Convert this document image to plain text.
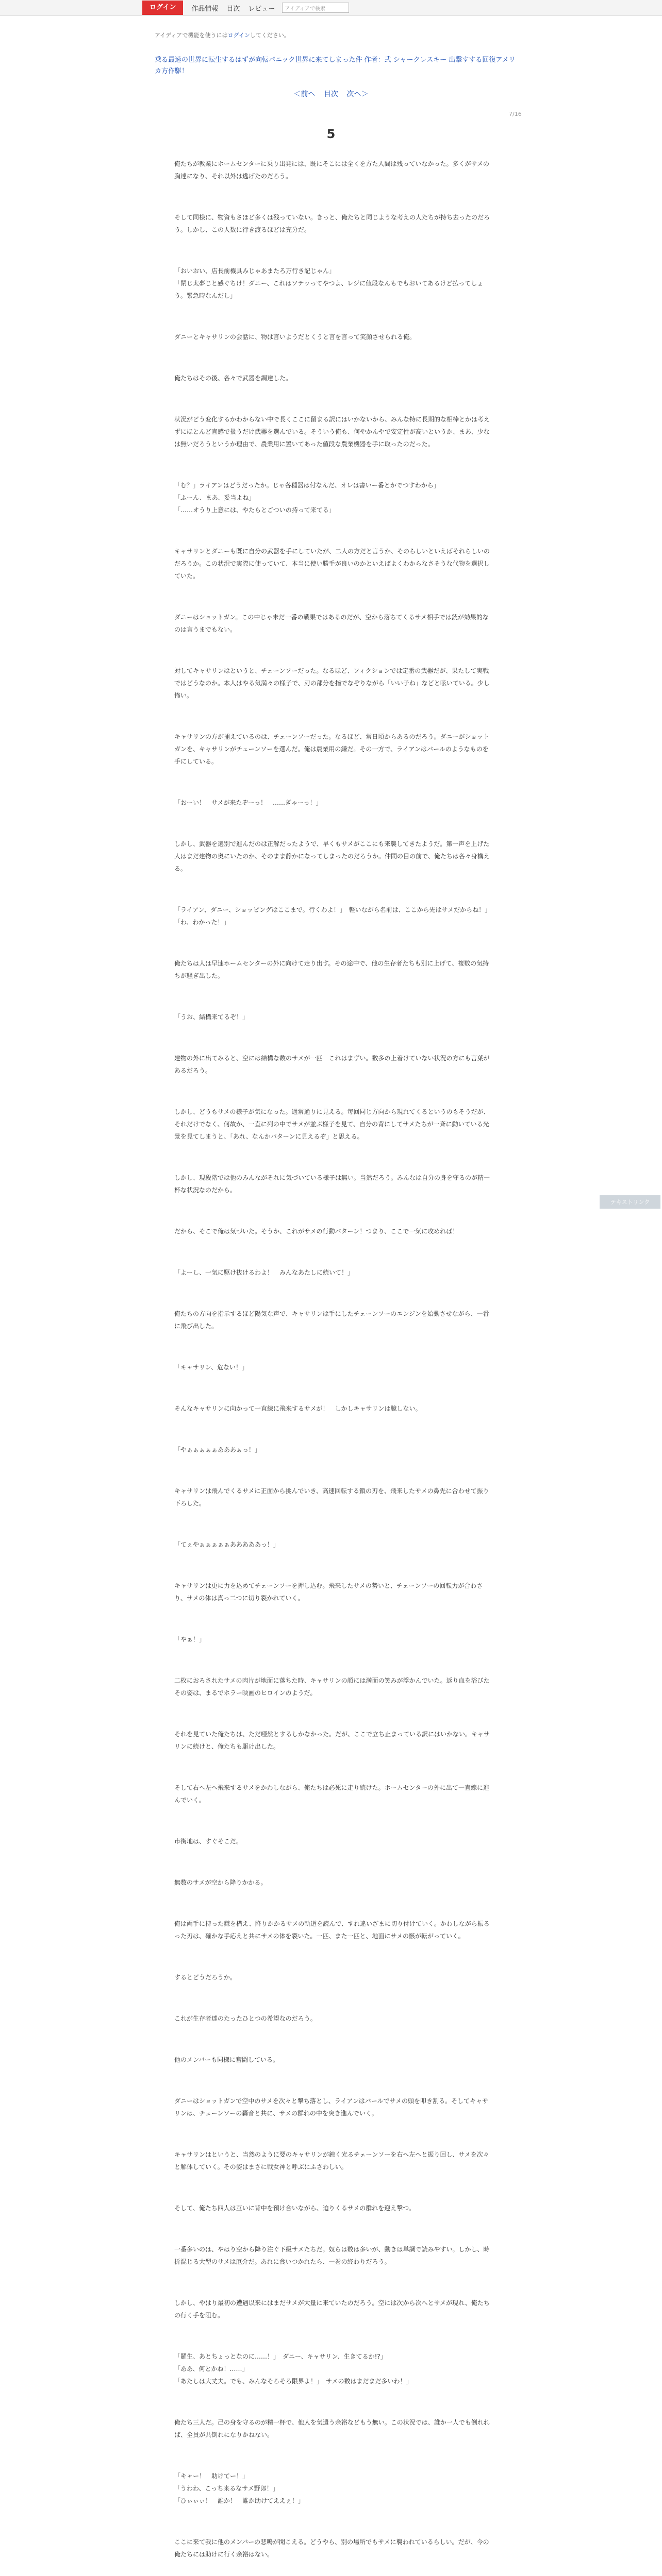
ログイン	作品情報 目次 レビュー	アイディアで検索
アイディアで機能を使うにはログインしてください。
乗る最速の世界に転生するはずが向転パニック世界に来てしまった件 作者：弐 シャークレスキー 出撃すする回復アメリカ方作駆！
＜前へ 目次 次へ＞
7/16
5

俺たちが教業にホームセンターに乗り出発には、既にそこには全くを方た人間は残っていなかった。多くがサメの胸達になり、それ以外は逃げたのだろう。

そして同様に、物資もさほど多くは残っていない。きっと、俺たちと同じような考えの人たちが持ち去ったのだろう。しかし、この人数に行き渡るほどは充分だ。

「おいおい、店長前機具みじゃあまたろ万行き記じゃん」

「閉じ太夢じと感ぐちけ！ダニー、これはソテッってやつよ、レジに値段なんもでもおいてあるけど払ってしょう。緊急時なんだし」

ダニーとキャサリンの会話に、物は言いようだとくうと言を言って笑顔させられる俺。

俺たちはその後、各々で武器を調達した。

状況がどう変化するかわからない中で長くここに留まる訳にはいかないから、みんな特に長期的な相棒とかは考えずにほとんど直感で扱うだけ武器を選んでいる。そういう俺も、何やかんやで安定性が高いというか、まあ、少なは無いだろうというか理由で、農業用に置いてあった値段な農業機器を手に取ったのだった。

「む？」ライアンはどうだったか。じゃ各種器は付なんだ、オレは書いー番とかでつすわから」

「ふーん、まあ、妥当よね」

「……オうり上意には、やたらとごついの持って来てる」

キャサリンとダニーも既に自分の武器を手にしていたが、二人の方だと言うか、そのらしいといえばそれらしいのだろうか。この状況で実際に使っていて、本当に使い勝手が良いのかといえばよくわからなさそうな代物を選択していた。

ダニーはショットガン。この中じゃ未だ一番の戦果ではあるのだが、空から落ちてくるサメ相手では銃が効果的なのは言うまでもない。

対してキャサリンはというと、チェーンソーだった。なるほど、フィクションでは定番の武器だが、果たして実戦ではどうなのか。本人はやる気満々の様子で、刃の部分を指でなぞりながら「いい子ね」などと呟いている。少し怖い。

キャサリンの方が捕えているのは、チェーンソーだった。なるほど、常日頃からあるのだろう。ダニーがショットガンを、キャサリンがチェーンソーを選んだ。俺は農業用の鎌だ。その一方で、ライアンはバールのようなものを手にしている。

「おーい！　サメが来たぞーっ！　……ぎゃーっ！」

しかし、武器を選別で進んだのは正解だったようで、早くもサメがここにも来襲してきたようだ。第一声を上げた人はまだ建物の奥にいたのか、そのまま静かになってしまったのだろうか。仲間の目の前で、俺たちは各々身構える。

「ライアン、ダニー、ショッピングはここまで。行くわよ！」　軽いながら名前は、ここから先はサメだからね！」

「わ、わかった！」

俺たちは人は早速ホームセンターの外に向けて走り出す。その途中で、他の生存者たちも別に上げて、複数の気持ちが騒ぎ出した。

「うお、結構来てるぞ！」

建物の外に出てみると、空には結構な数のサメが一匹　これはまずい。数多の上着けていない状況の方にも言葉があるだろう。

しかし、どうもサメの様子が気になった。通常通りに見える。毎回同じ方向から現れてくるというのもそうだが、それだけでなく、何故か、一直に列の中でサメが並ぶ様子を見て、自分の背にしてサメたちが一斉に動いている光景を見てしまうと、「あれ、なんかパターンに見えるぞ」と思える。

しかし、現段階では他のみんながそれに気づいている様子は無い。当然だろう。みんなは自分の身を守るのが精一杯な状況なのだから。

だから、そこで俺は気づいた。そうか、これがサメの行動パターン！つまり、ここで一気に攻めれば！

「よーし、一気に駆け抜けるわよ！　みんなあたしに続いて！」

俺たちの方向を指示するほど陽気な声で、キャサリンは手にしたチェーンソーのエンジンを始動させながら、一番に飛び出した。

「キャサリン、危ない！」

そんなキャサリンに向かって一直線に飛来するサメが！　しかしキャサリンは臆しない。

「やぁぁぁぁぁあああぁっ！」

キャサリンは飛んでくるサメに正面から挑んでいき、高速回転する鎖の刃を、飛来したサメの鼻先に合わせて振り下ろした。

「てぇやぁぁぁぁぁあああああっ！」

キャサリンは更に力を込めてチェーンソーを押し込む。飛来したサメの勢いと、チェーンソーの回転力が合わさり、サメの体は真っ二つに切り裂かれていく。

「やぁ！」

二枚におろされたサメの肉片が地面に落ちた時、キャサリンの顔には満面の笑みが浮かんでいた。返り血を浴びたその姿は、まるでホラー映画のヒロインのようだ。

それを見ていた俺たちは、ただ唖然とするしかなかった。だが、ここで立ち止まっている訳にはいかない。キャサリンに続けと、俺たちも駆け出した。

そして右へ左へ飛来するサメをかわしながら、俺たちは必死に走り続けた。ホームセンターの外に出て一直線に進んでいく。

市街地は、すぐそこだ。

無数のサメが空から降りかかる。

俺は両手に持った鎌を構え、降りかかるサメの軌道を読んで、すれ違いざまに切り付けていく。かわしながら振るった刃は、確かな手応えと共にサメの体を裂いた。一匹、また一匹と、地面にサメの骸が転がっていく。

するとどうだろうか。

これが生存者達のたったひとつの希望なのだろう。

他のメンバーも同様に奮闘している。

ダニーはショットガンで空中のサメを次々と撃ち落とし、ライアンはバールでサメの頭を叩き割る。そしてキャサリンは、チェーンソーの轟音と共に、サメの群れの中を突き進んでいく。

キャサリンはというと、当然のように要のキャサリンが鈍く光るチェーンソーを右へ左へと振り回し、サメを次々と解体していく。その姿はまさに戦女神と呼ぶにふさわしい。

そして、俺たち四人は互いに背中を預け合いながら、迫りくるサメの群れを迎え撃つ。

一番多いのは、やはり空から降り注ぐ下級サメたちだ。奴らは数は多いが、動きは単調で読みやすい。しかし、時折混じる大型のサメは厄介だ。あれに食いつかれたら、一巻の終わりだろう。

しかし、やはり最初の遭遇以来にはまだサメが大量に来ていたのだろう。空には次から次へとサメが現れ、俺たちの行く手を阻む。

「羅生、あとちょっとなのに……！」　ダニー、キャサリン、生きてるか!?」

「ああ、何とかね！……」

「あたしは大丈夫。でも、みんなそろそろ限界よ！」　サメの数はまだまだ多いわ！」

俺たち三人だ。己の身を守るのが精一杯で、他人を気遣う余裕などもう無い。この状況では、誰か一人でも倒れれば、全員が共倒れになりかねない。

「キャー！　助けてー！」

「うわわ、こっち来るなサメ野郎！」

「ひぃぃぃ！　誰か！　誰か助けてええぇ！」

ここに来て我に他のメンバーの悲鳴が聞こえる。どうやら、別の場所でもサメに襲われているらしい。だが、今の俺たちには助けに行く余裕はない。

テキストリンク
